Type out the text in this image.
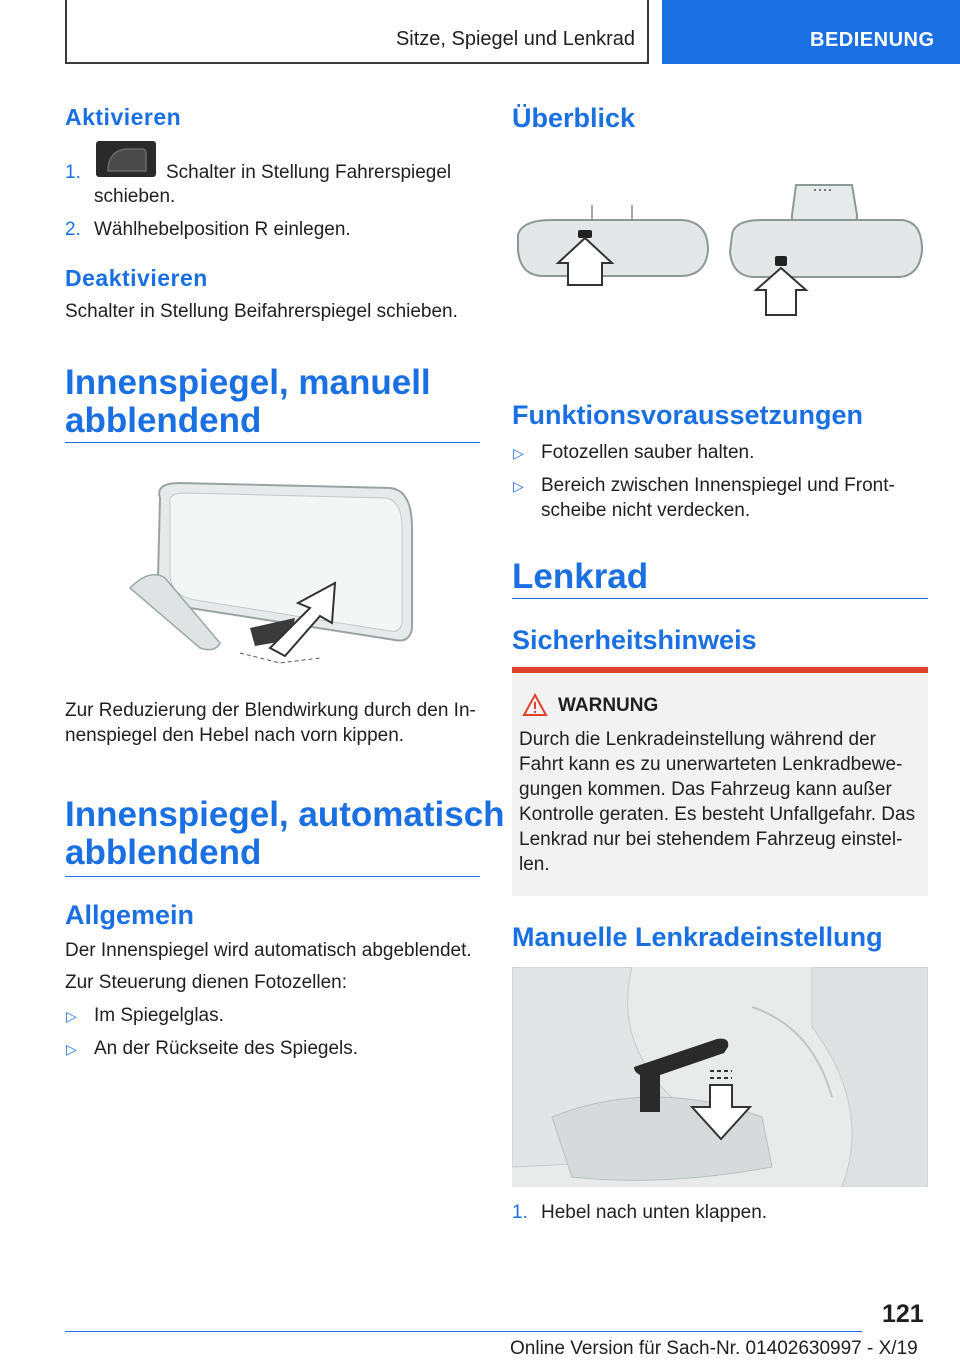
Sitze, Spiegel und Lenkrad	BEDIENUNG
Aktivieren
1.	Schalter in Stellung Fahrerspiegel
schieben.
2. Wählhebelposition R einlegen.
Deaktivieren
Schalter in Stellung Beifahrerspiegel schieben.
Innenspiegel, manuell
abblendend
Zur Reduzierung der Blendwirkung durch den In‐
nenspiegel den Hebel nach vorn kippen.
Innenspiegel, automatisch
abblendend
Allgemein
Der Innenspiegel wird automatisch abgeblendet.
Zur Steuerung dienen Fotozellen:
▷ Im Spiegelglas.
▷ An der Rückseite des Spiegels.
Überblick
Funktionsvoraussetzungen
▷ Fotozellen sauber halten.
▷ Bereich zwischen Innenspiegel und Front‐
scheibe nicht verdecken.
Lenkrad
Sicherheitshinweis
WARNUNG
Durch die Lenkradeinstellung während der
Fahrt kann es zu unerwarteten Lenkradbewe‐
gungen kommen. Das Fahrzeug kann außer
Kontrolle geraten. Es besteht Unfallgefahr. Das
Lenkrad nur bei stehendem Fahrzeug einstel‐
len.
Manuelle Lenkradeinstellung
1. Hebel nach unten klappen.
121
Online Version für Sach-Nr. 01402630997 - X/19
